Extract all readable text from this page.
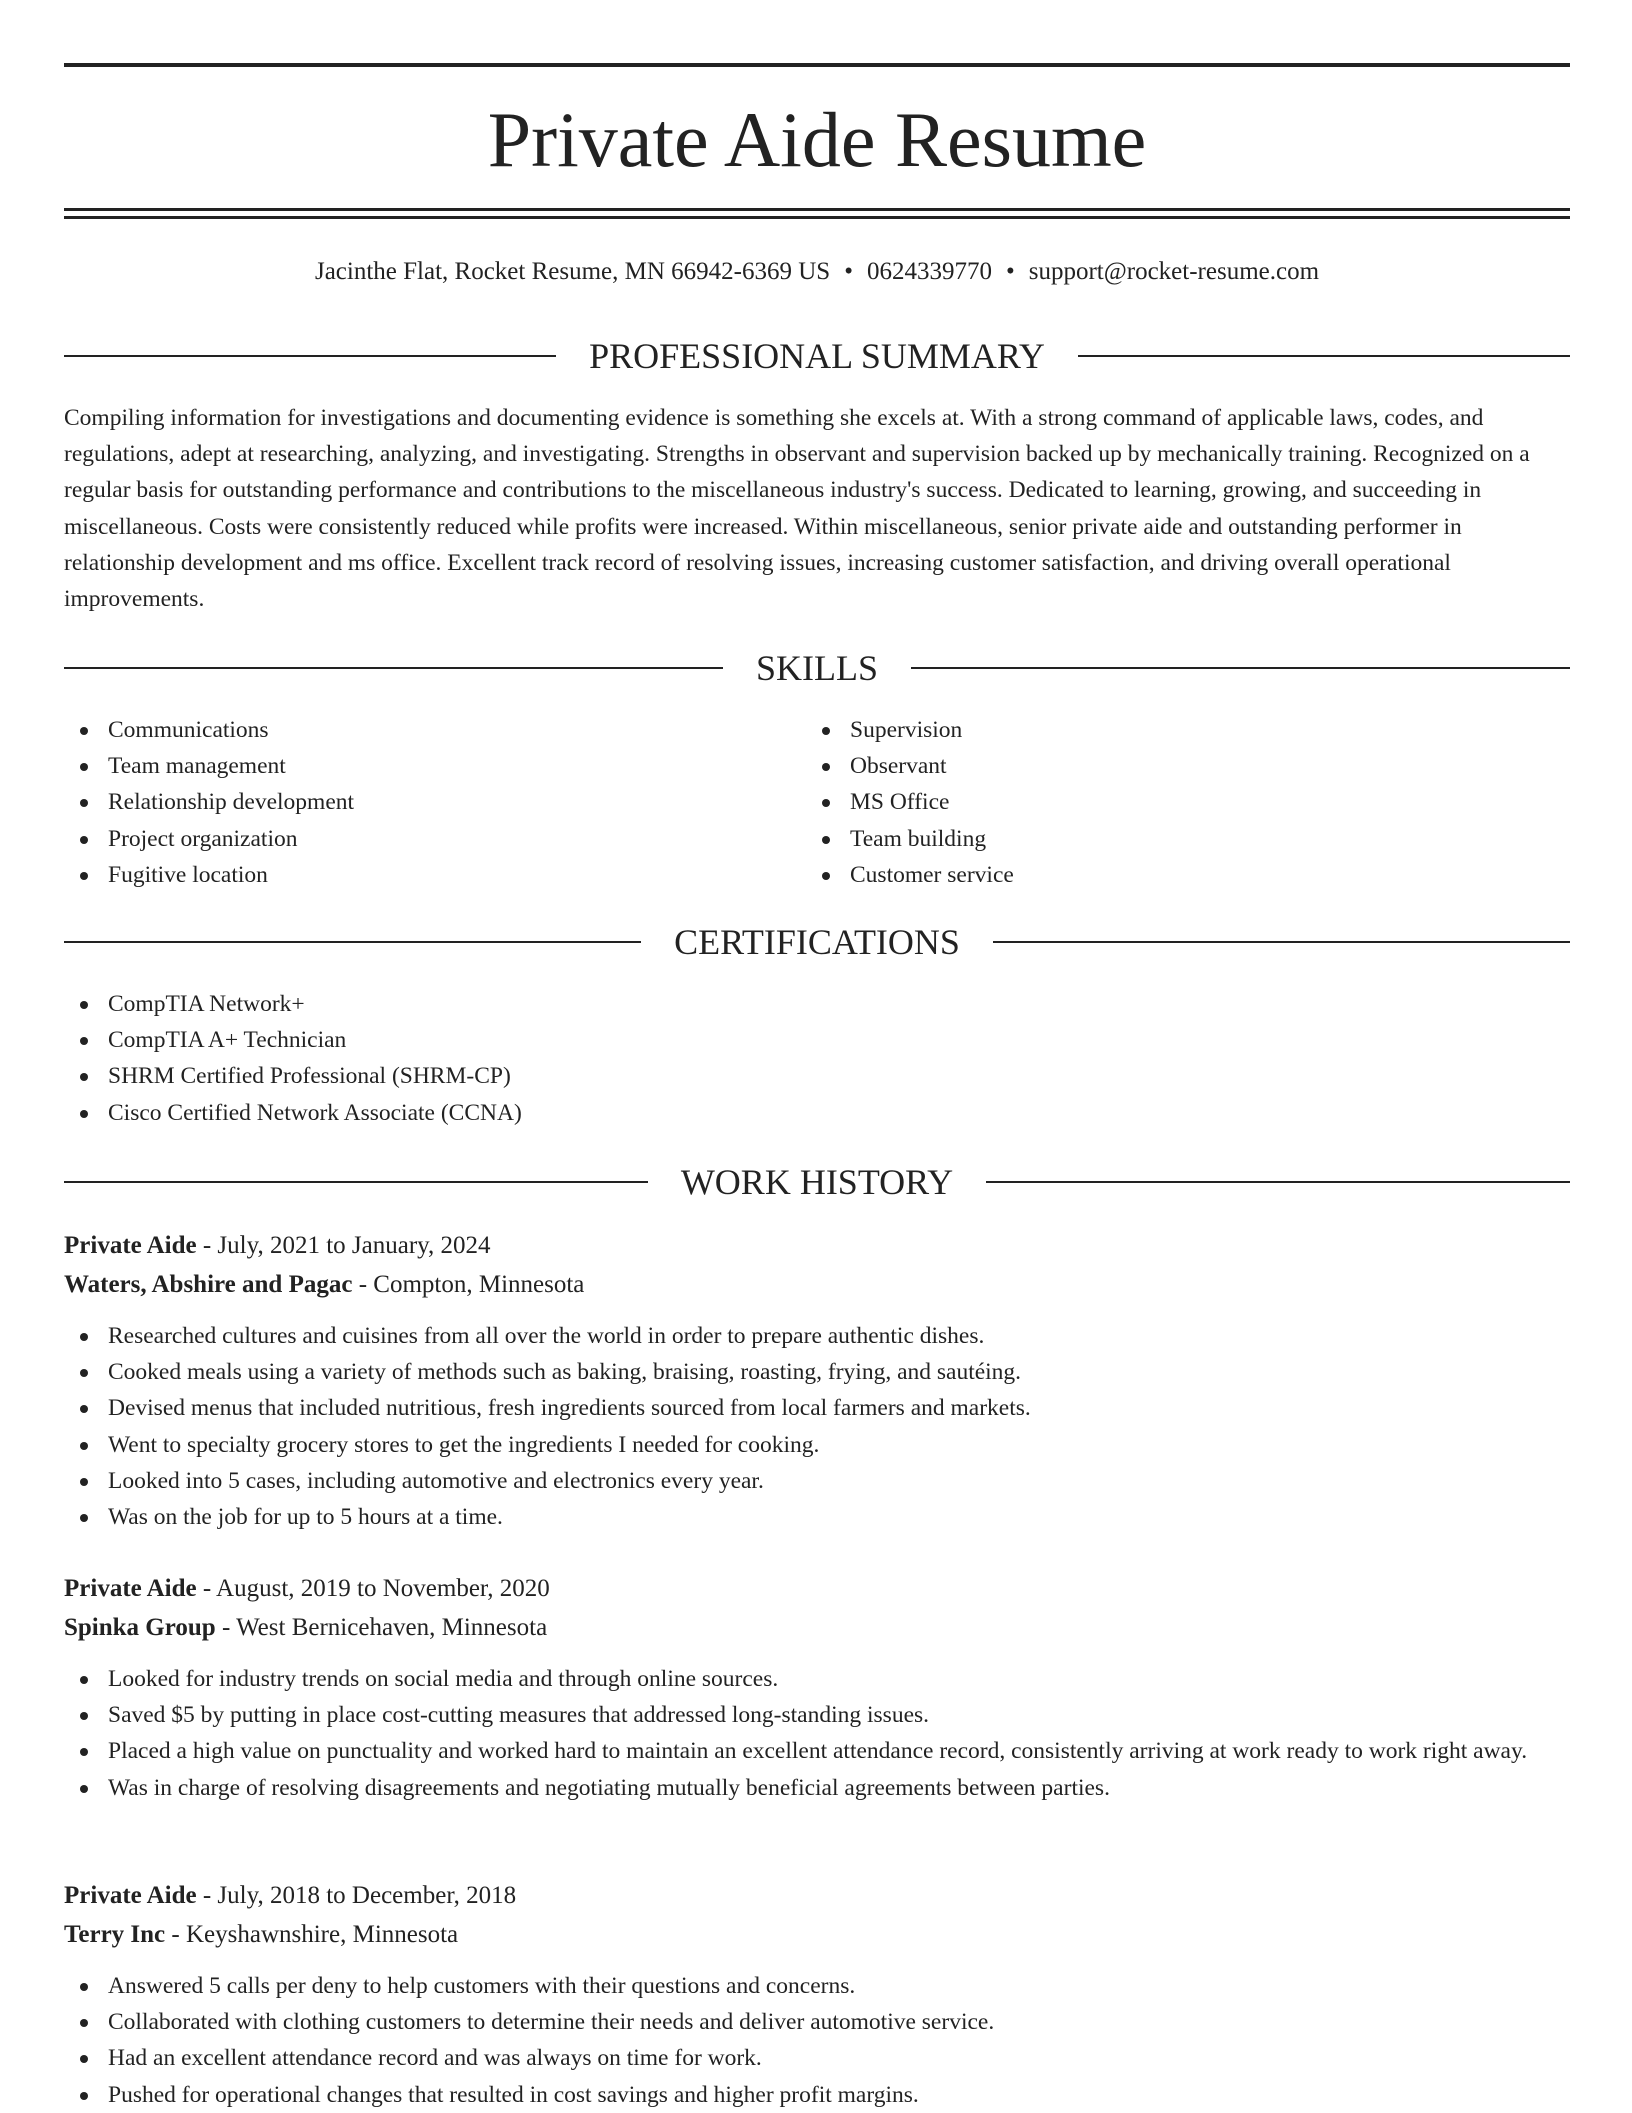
Private Aide Resume
Jacinthe Flat, Rocket Resume, MN 66942-6369 US • 0624339770 • support@rocket-resume.com
PROFESSIONAL SUMMARY

Compiling information for investigations and documenting evidence is something she excels at. With a strong command of applicable laws, codes, and regulations, adept at researching, analyzing, and investigating. Strengths in observant and supervision backed up by mechanically training. Recognized on a regular basis for outstanding performance and contributions to the miscellaneous industry's success. Dedicated to learning, growing, and succeeding in miscellaneous. Costs were consistently reduced while profits were increased. Within miscellaneous, senior private aide and outstanding performer in relationship development and ms office. Excellent track record of resolving issues, increasing customer satisfaction, and driving overall operational improvements.

SKILLS
Communications
Team management
Relationship development
Project organization
Fugitive location
Supervision
Observant
MS Office
Team building
Customer service
CERTIFICATIONS
CompTIA Network+
CompTIA A+ Technician
SHRM Certified Professional (SHRM-CP)
Cisco Certified Network Associate (CCNA)
WORK HISTORY
Private Aide - July, 2021 to January, 2024
Waters, Abshire and Pagac - Compton, Minnesota
Researched cultures and cuisines from all over the world in order to prepare authentic dishes.
Cooked meals using a variety of methods such as baking, braising, roasting, frying, and sautéing.
Devised menus that included nutritious, fresh ingredients sourced from local farmers and markets.
Went to specialty grocery stores to get the ingredients I needed for cooking.
Looked into 5 cases, including automotive and electronics every year.
Was on the job for up to 5 hours at a time.
Private Aide - August, 2019 to November, 2020
Spinka Group - West Bernicehaven, Minnesota
Looked for industry trends on social media and through online sources.
Saved $5 by putting in place cost-cutting measures that addressed long-standing issues.
Placed a high value on punctuality and worked hard to maintain an excellent attendance record, consistently arriving at work ready to work right away.
Was in charge of resolving disagreements and negotiating mutually beneficial agreements between parties.
Private Aide - July, 2018 to December, 2018
Terry Inc - Keyshawnshire, Minnesota
Answered 5 calls per deny to help customers with their questions and concerns.
Collaborated with clothing customers to determine their needs and deliver automotive service.
Had an excellent attendance record and was always on time for work.
Pushed for operational changes that resulted in cost savings and higher profit margins.
